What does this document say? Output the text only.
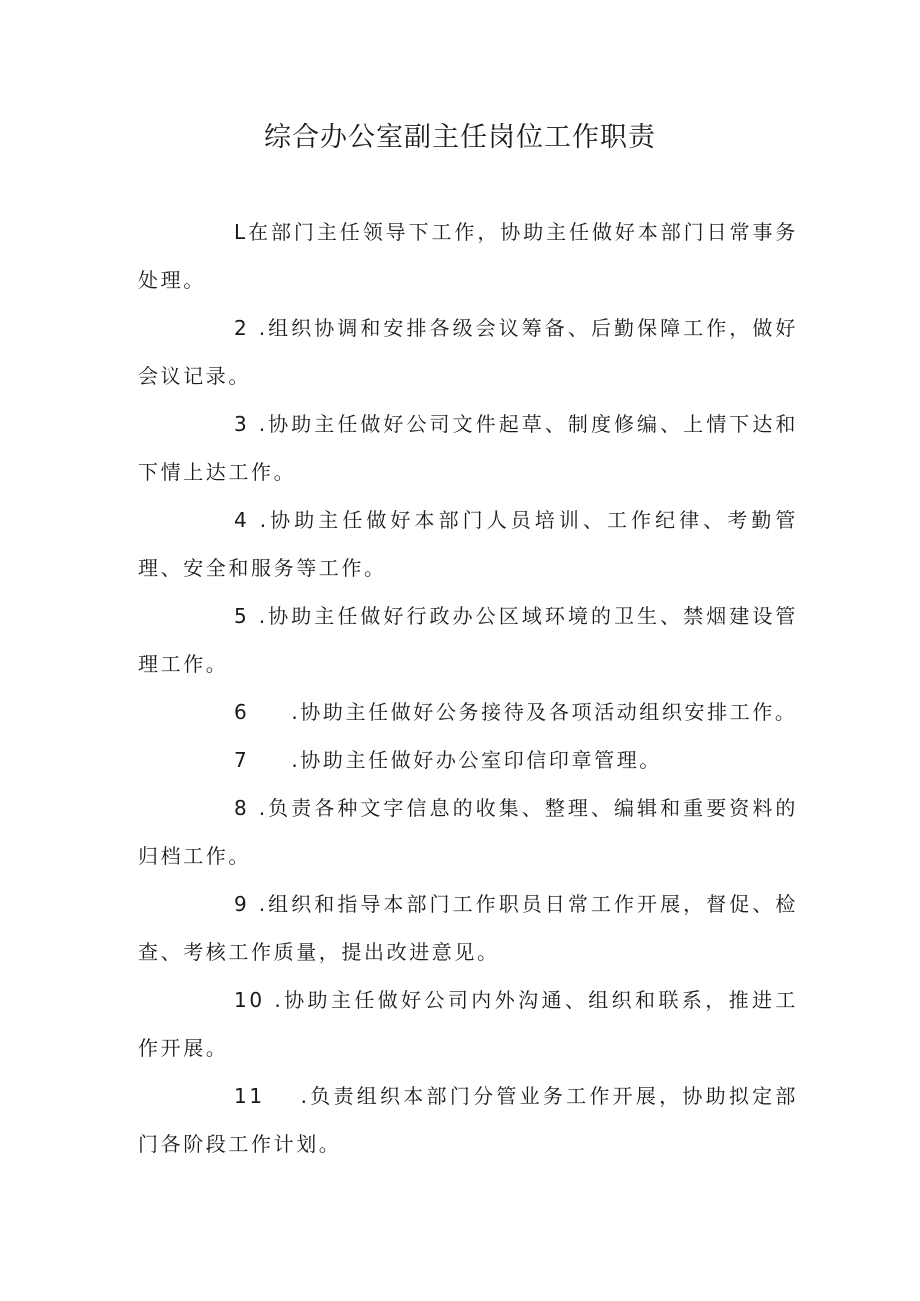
综合办公室副主任岗位工作职责

L在部门主任领导下工作，协助主任做好本部门日常事务处理。

2 .组织协调和安排各级会议筹备、后勤保障工作，做好会议记录。

3 .协助主任做好公司文件起草、制度修编、上情下达和下情上达工作。

4 .协助主任做好本部门人员培训、工作纪律、考勤管理、安全和服务等工作。

5 .协助主任做好行政办公区域环境的卫生、禁烟建设管理工作。

6 .协助主任做好公务接待及各项活动组织安排工作。

7 .协助主任做好办公室印信印章管理。

8 .负责各种文字信息的收集、整理、编辑和重要资料的归档工作。

9 .组织和指导本部门工作职员日常工作开展，督促、检查、考核工作质量，提出改进意见。

10 .协助主任做好公司内外沟通、组织和联系，推进工作开展。

11 .负责组织本部门分管业务工作开展，协助拟定部门各阶段工作计划。
